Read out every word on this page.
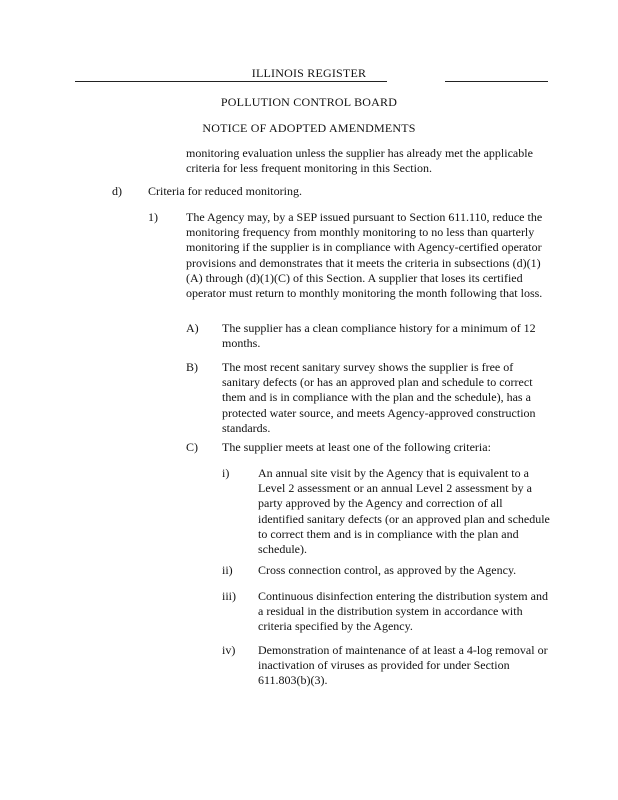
ILLINOIS REGISTER
POLLUTION CONTROL BOARD
NOTICE OF ADOPTED AMENDMENTS

monitoring evaluation unless the supplier has already met the applicable criteria for less frequent monitoring in this Section.

d) Criteria for reduced monitoring.

1) The Agency may, by a SEP issued pursuant to Section 611.110, reduce the monitoring frequency from monthly monitoring to no less than quarterly monitoring if the supplier is in compliance with Agency-certified operator provisions and demonstrates that it meets the criteria in subsections (d)(1)(A) through (d)(1)(C) of this Section. A supplier that loses its certified operator must return to monthly monitoring the month following that loss.

A) The supplier has a clean compliance history for a minimum of 12 months.

B) The most recent sanitary survey shows the supplier is free of sanitary defects (or has an approved plan and schedule to correct them and is in compliance with the plan and the schedule), has a protected water source, and meets Agency-approved construction standards.

C) The supplier meets at least one of the following criteria:

i) An annual site visit by the Agency that is equivalent to a Level 2 assessment or an annual Level 2 assessment by a party approved by the Agency and correction of all identified sanitary defects (or an approved plan and schedule to correct them and is in compliance with the plan and schedule).

ii) Cross connection control, as approved by the Agency.

iii) Continuous disinfection entering the distribution system and a residual in the distribution system in accordance with criteria specified by the Agency.

iv) Demonstration of maintenance of at least a 4-log removal or inactivation of viruses as provided for under Section 611.803(b)(3).
